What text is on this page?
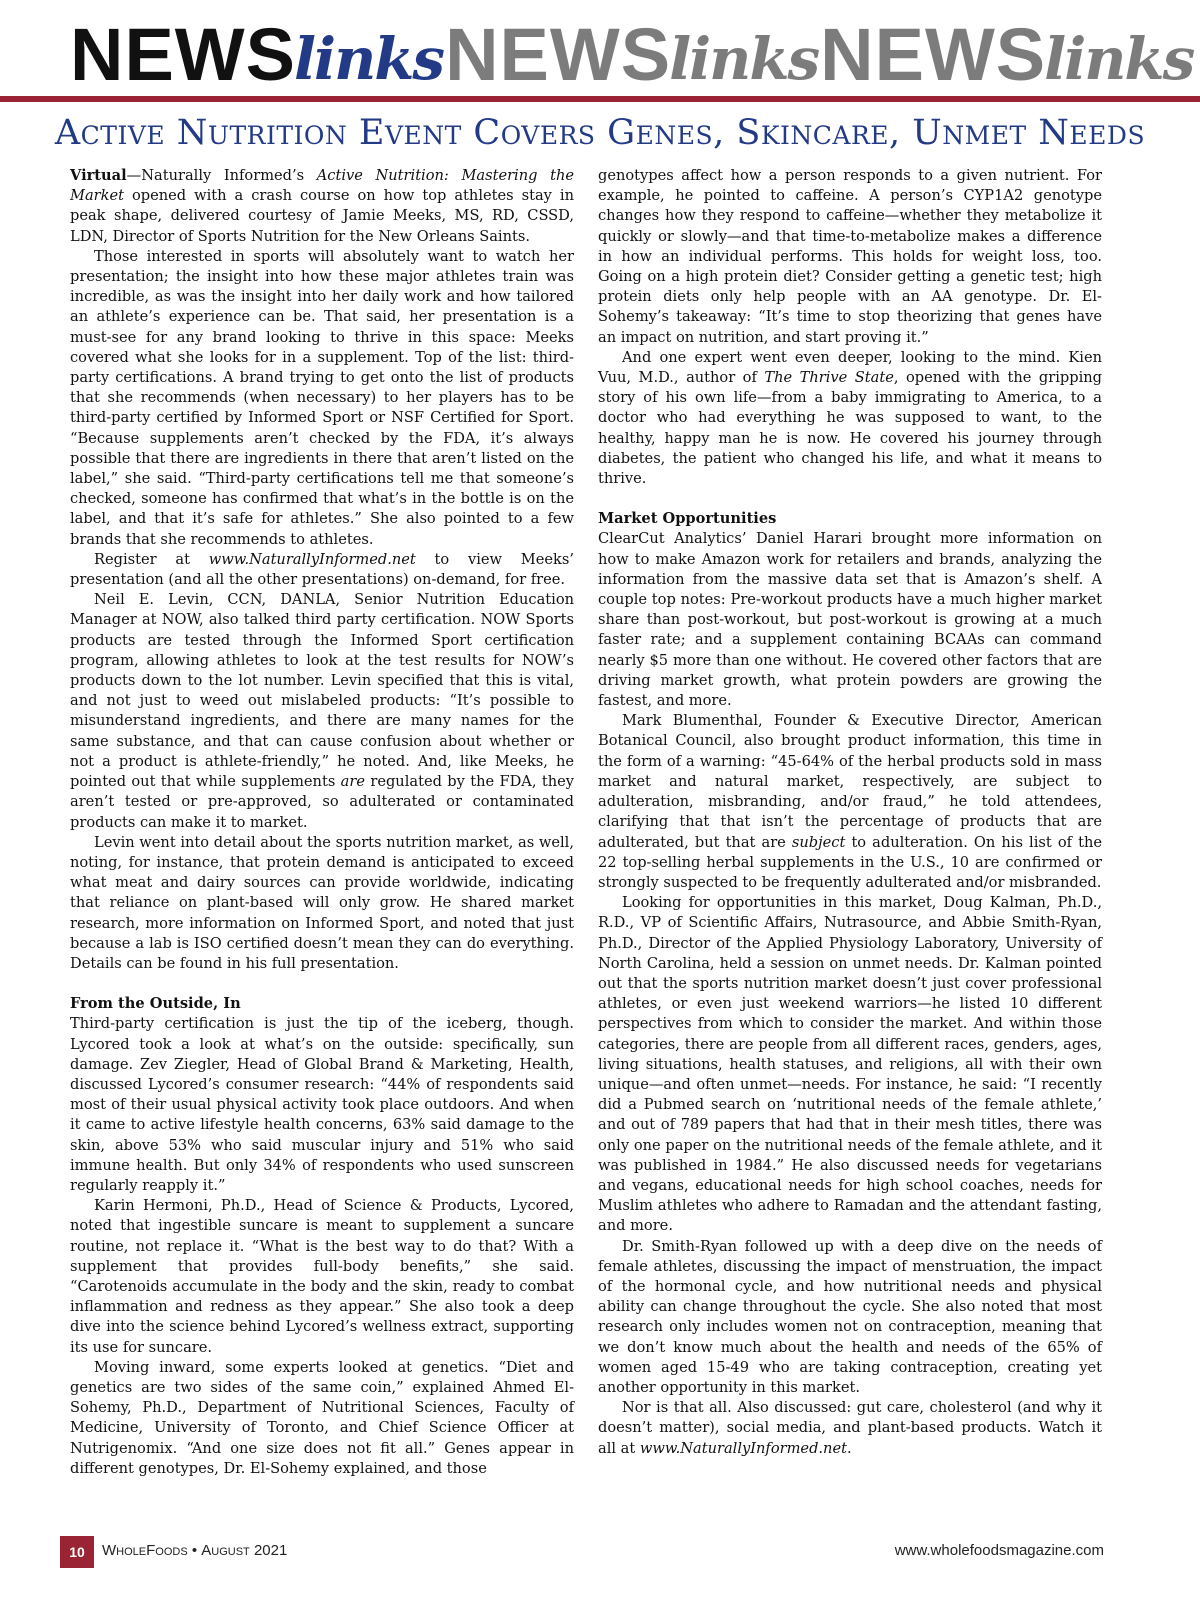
NEWS
links NEWS
links NEWS
links
Active Nutrition Event Covers Genes, Skincare, Unmet Needs

Virtual—Naturally Informed’s Active Nutrition: Mastering the Market opened with a crash course on how top athletes stay in peak shape, delivered courtesy of Jamie Meeks, MS, RD, CSSD, LDN, Director of Sports Nutrition for the New Orleans Saints.

Those interested in sports will absolutely want to watch her presentation; the insight into how these major athletes train was incredible, as was the insight into her daily work and how tailored an athlete’s experience can be. That said, her presentation is a must-see for any brand looking to thrive in this space: Meeks covered what she looks for in a supplement. Top of the list: third-party certifications. A brand trying to get onto the list of products that she recommends (when necessary) to her players has to be third-party certified by Informed Sport or NSF Certified for Sport. “Because supplements aren’t checked by the FDA, it’s always possible that there are ingredients in there that aren’t listed on the label,” she said. “Third-party certifications tell me that someone’s checked, someone has confirmed that what’s in the bottle is on the label, and that it’s safe for athletes.” She also pointed to a few brands that she recommends to athletes.

Register at www.NaturallyInformed.net to view Meeks’ presentation (and all the other presentations) on-demand, for free.

Neil E. Levin, CCN, DANLA, Senior Nutrition Education Manager at NOW, also talked third party certification. NOW Sports products are tested through the Informed Sport certification program, allowing athletes to look at the test results for NOW’s products down to the lot number. Levin specified that this is vital, and not just to weed out mislabeled products: “It’s possible to misunderstand ingredients, and there are many names for the same substance, and that can cause confusion about whether or not a product is athlete-friendly,” he noted. And, like Meeks, he pointed out that while supplements are regulated by the FDA, they aren’t tested or pre-approved, so adulterated or contaminated products can make it to market.

Levin went into detail about the sports nutrition market, as well, noting, for instance, that protein demand is anticipated to exceed what meat and dairy sources can provide worldwide, indicating that reliance on plant-based will only grow. He shared market research, more information on Informed Sport, and noted that just because a lab is ISO certified doesn’t mean they can do everything. Details can be found in his full presentation.

From the Outside, In

Third-party certification is just the tip of the iceberg, though. Lycored took a look at what’s on the outside: specifically, sun damage. Zev Ziegler, Head of Global Brand & Marketing, Health, discussed Lycored’s consumer research: “44% of respondents said most of their usual physical activity took place outdoors. And when it came to active lifestyle health concerns, 63% said damage to the skin, above 53% who said muscular injury and 51% who said immune health. But only 34% of respondents who used sunscreen regularly reapply it.”

Karin Hermoni, Ph.D., Head of Science & Products, Lycored, noted that ingestible suncare is meant to supplement a suncare routine, not replace it. “What is the best way to do that? With a supplement that provides full-body benefits,” she said. “Carotenoids accumulate in the body and the skin, ready to combat inflammation and redness as they appear.” She also took a deep dive into the science behind Lycored’s wellness extract, supporting its use for suncare.

Moving inward, some experts looked at genetics. “Diet and genetics are two sides of the same coin,” explained Ahmed El-Sohemy, Ph.D., Department of Nutritional Sciences, Faculty of Medicine, University of Toronto, and Chief Science Officer at Nutrigenomix. “And one size does not fit all.” Genes appear in different genotypes, Dr. El-Sohemy explained, and those

genotypes affect how a person responds to a given nutrient. For example, he pointed to caffeine. A person’s CYP1A2 genotype changes how they respond to caffeine—whether they metabolize it quickly or slowly—and that time-to-metabolize makes a difference in how an individual performs. This holds for weight loss, too. Going on a high protein diet? Consider getting a genetic test; high protein diets only help people with an AA genotype. Dr. El-Sohemy’s takeaway: “It’s time to stop theorizing that genes have an impact on nutrition, and start proving it.”

And one expert went even deeper, looking to the mind. Kien Vuu, M.D., author of The Thrive State, opened with the gripping story of his own life—from a baby immigrating to America, to a doctor who had everything he was supposed to want, to the healthy, happy man he is now. He covered his journey through diabetes, the patient who changed his life, and what it means to thrive.

Market Opportunities

ClearCut Analytics’ Daniel Harari brought more information on how to make Amazon work for retailers and brands, analyzing the information from the massive data set that is Amazon’s shelf. A couple top notes: Pre-workout products have a much higher market share than post-workout, but post-workout is growing at a much faster rate; and a supplement containing BCAAs can command nearly $5 more than one without. He covered other factors that are driving market growth, what protein powders are growing the fastest, and more.

Mark Blumenthal, Founder & Executive Director, American Botanical Council, also brought product information, this time in the form of a warning: “45-64% of the herbal products sold in mass market and natural market, respectively, are subject to adulteration, misbranding, and/or fraud,” he told attendees, clarifying that that isn’t the percentage of products that are adulterated, but that are subject to adulteration. On his list of the 22 top-selling herbal supplements in the U.S., 10 are confirmed or strongly suspected to be frequently adulterated and/or misbranded.

Looking for opportunities in this market, Doug Kalman, Ph.D., R.D., VP of Scientific Affairs, Nutrasource, and Abbie Smith-Ryan, Ph.D., Director of the Applied Physiology Laboratory, University of North Carolina, held a session on unmet needs. Dr. Kalman pointed out that the sports nutrition market doesn’t just cover professional athletes, or even just weekend warriors—he listed 10 different perspectives from which to consider the market. And within those categories, there are people from all different races, genders, ages, living situations, health statuses, and religions, all with their own unique—and often unmet—needs. For instance, he said: “I recently did a Pubmed search on ‘nutritional needs of the female athlete,’ and out of 789 papers that had that in their mesh titles, there was only one paper on the nutritional needs of the female athlete, and it was published in 1984.” He also discussed needs for vegetarians and vegans, educational needs for high school coaches, needs for Muslim athletes who adhere to Ramadan and the attendant fasting, and more.

Dr. Smith-Ryan followed up with a deep dive on the needs of female athletes, discussing the impact of menstruation, the impact of the hormonal cycle, and how nutritional needs and physical ability can change throughout the cycle. She also noted that most research only includes women not on contraception, meaning that we don’t know much about the health and needs of the 65% of women aged 15-49 who are taking contraception, creating yet another opportunity in this market.

Nor is that all. Also discussed: gut care, cholesterol (and why it doesn’t matter), social media, and plant-based products. Watch it all at www.NaturallyInformed.net.

10	WholeFoods • August 2021	www.wholefoodsmagazine.com
